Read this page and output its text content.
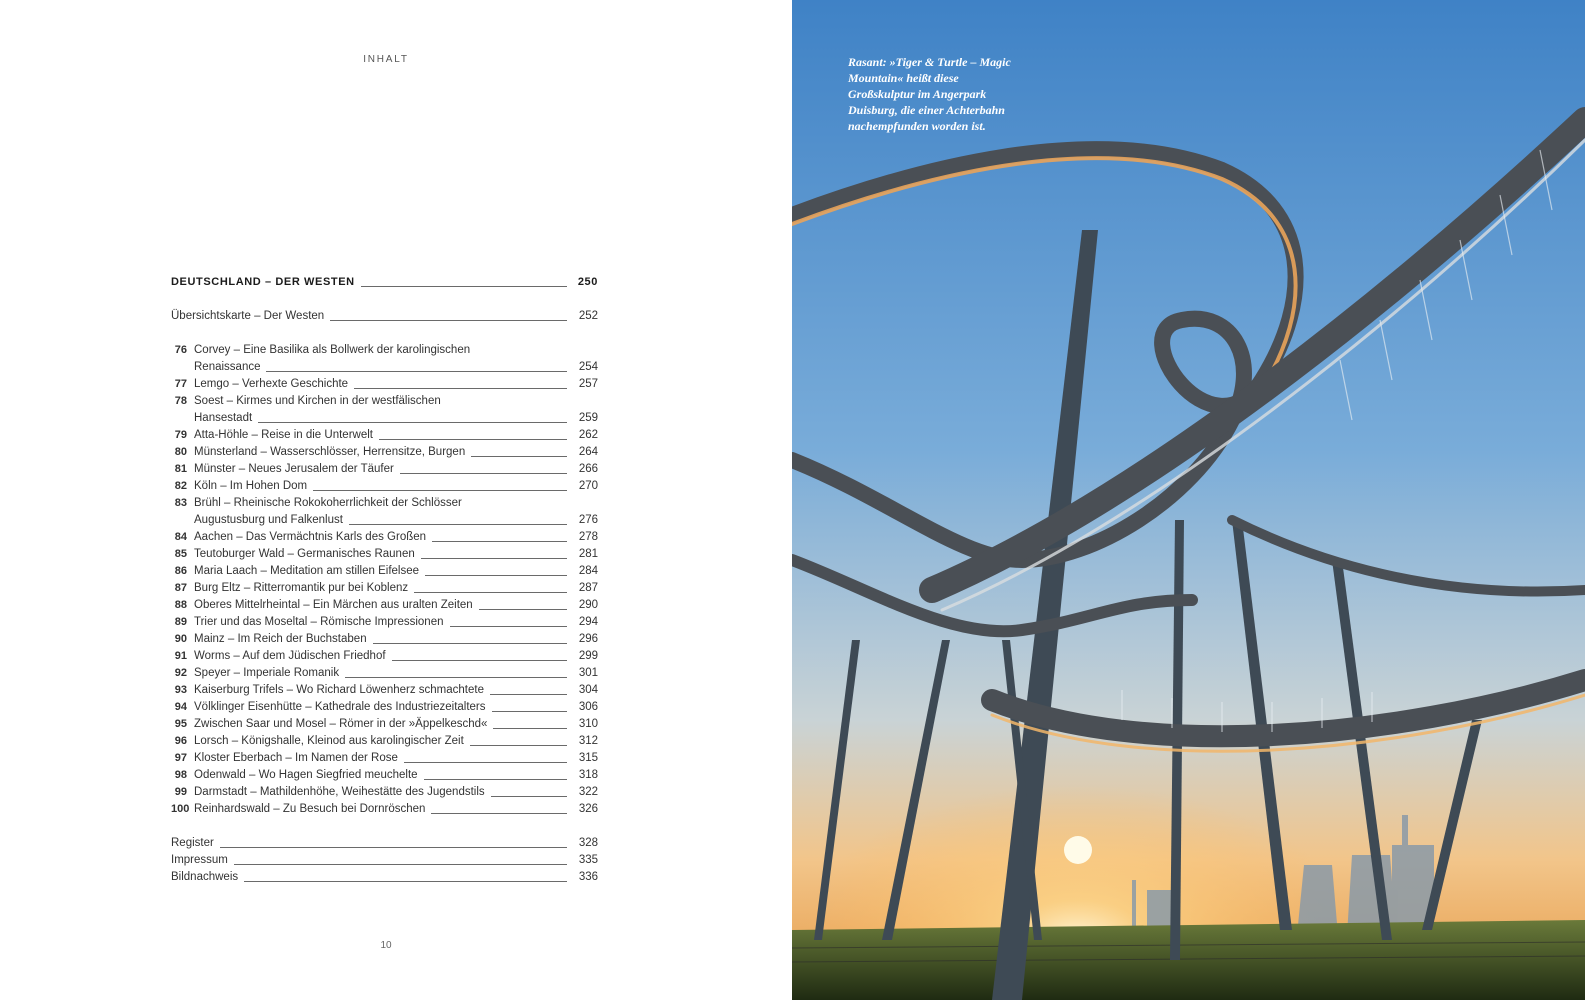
INHALT
DEUTSCHLAND – DER WESTEN	250
Übersichtskarte – Der Westen	252
76 Corvey – Eine Basilika als Bollwerk der karolingischen
Renaissance	254
77 Lemgo – Verhexte Geschichte	257
78 Soest – Kirmes und Kirchen in der westfälischen
Hansestadt	259
79 Atta-Höhle – Reise in die Unterwelt	262
80 Münsterland – Wasserschlösser, Herrensitze, Burgen	264
81 Münster – Neues Jerusalem der Täufer	266
82 Köln – Im Hohen Dom	270
83 Brühl – Rheinische Rokokoherrlichkeit der Schlösser
Augustusburg und Falkenlust	276
84 Aachen – Das Vermächtnis Karls des Großen	278
85 Teutoburger Wald – Germanisches Raunen	281
86 Maria Laach – Meditation am stillen Eifelsee	284
87 Burg Eltz – Ritterromantik pur bei Koblenz	287
88 Oberes Mittelrheintal – Ein Märchen aus uralten Zeiten	290
89 Trier und das Moseltal – Römische Impressionen	294
90 Mainz – Im Reich der Buchstaben	296
91 Worms – Auf dem Jüdischen Friedhof	299
92 Speyer – Imperiale Romanik	301
93 Kaiserburg Trifels – Wo Richard Löwenherz schmachtete	304
94 Völklinger Eisenhütte – Kathedrale des Industriezeitalters	306
95 Zwischen Saar und Mosel – Römer in der »Äppelkeschd«	310
96 Lorsch – Königshalle, Kleinod aus karolingischer Zeit	312
97 Kloster Eberbach – Im Namen der Rose	315
98 Odenwald – Wo Hagen Siegfried meuchelte	318
99 Darmstadt – Mathildenhöhe, Weihestätte des Jugendstils	322
100 Reinhardswald – Zu Besuch bei Dornröschen	326
Register	328
Impressum	335
Bildnachweis	336
10
Rasant: »Tiger & Turtle – Magic Mountain« heißt diese Großskulptur im Angerpark Duisburg, die einer Achterbahn nachempfunden worden ist.
